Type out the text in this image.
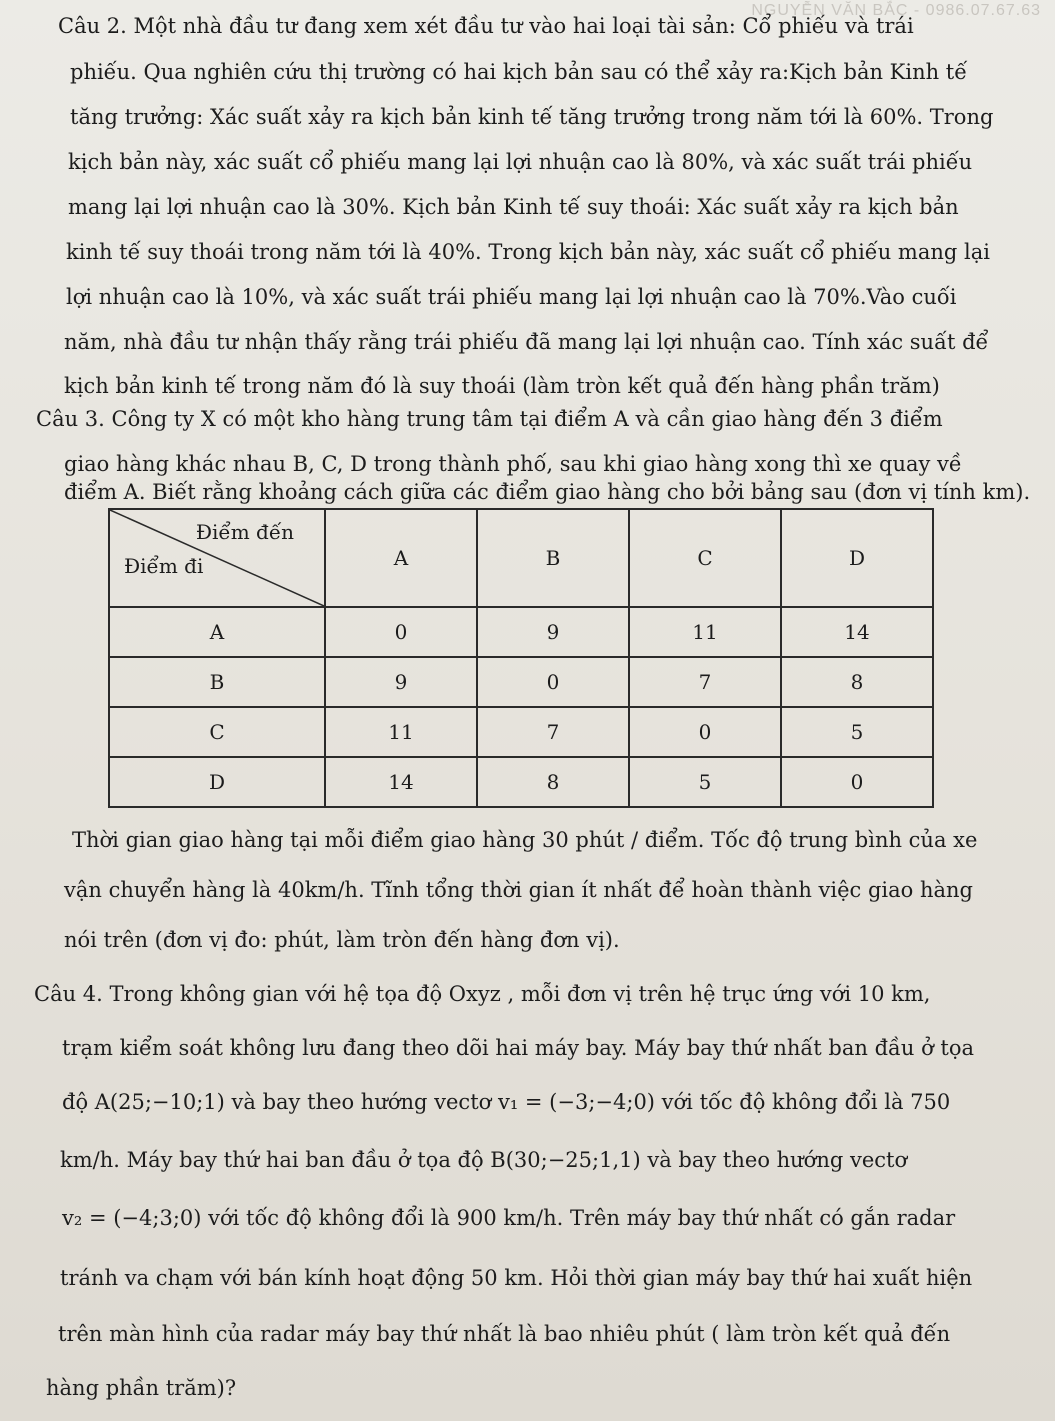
NGUYỄN VĂN BẮC - 0986.07.67.63
Câu 2. Một nhà đầu tư đang xem xét đầu tư vào hai loại tài sản: Cổ phiếu và trái
phiếu. Qua nghiên cứu thị trường có hai kịch bản sau có thể xảy ra:Kịch bản Kinh tế
tăng trưởng: Xác suất xảy ra kịch bản kinh tế tăng trưởng trong năm tới là 60%. Trong
kịch bản này, xác suất cổ phiếu mang lại lợi nhuận cao là 80%, và xác suất trái phiếu
mang lại lợi nhuận cao là 30%. Kịch bản Kinh tế suy thoái: Xác suất xảy ra kịch bản
kinh tế suy thoái trong năm tới là 40%. Trong kịch bản này, xác suất cổ phiếu mang lại
lợi nhuận cao là 10%, và xác suất trái phiếu mang lại lợi nhuận cao là 70%.Vào cuối
năm, nhà đầu tư nhận thấy rằng trái phiếu đã mang lại lợi nhuận cao. Tính xác suất để
kịch bản kinh tế trong năm đó là suy thoái (làm tròn kết quả đến hàng phần trăm)
Câu 3. Công ty X có một kho hàng trung tâm tại điểm A và cần giao hàng đến 3 điểm
giao hàng khác nhau B, C, D trong thành phố, sau khi giao hàng xong thì xe quay về
điểm A. Biết rằng khoảng cách giữa các điểm giao hàng cho bởi bảng sau (đơn vị tính km).
Điểm đến
Điểm đi	A	B	C	D
A	0	9	11	14
B	9	0	7	8
C	11	7	0	5
D	14	8	5	0
Thời gian giao hàng tại mỗi điểm giao hàng 30 phút / điểm. Tốc độ trung bình của xe
vận chuyển hàng là 40km/h. Tĩnh tổng thời gian ít nhất để hoàn thành việc giao hàng
nói trên (đơn vị đo: phút, làm tròn đến hàng đơn vị).
Câu 4. Trong không gian với hệ tọa độ Oxyz , mỗi đơn vị trên hệ trục ứng với 10 km,
trạm kiểm soát không lưu đang theo dõi hai máy bay. Máy bay thứ nhất ban đầu ở tọa
độ A(25;−10;1) và bay theo hướng vectơ v₁ = (−3;−4;0) với tốc độ không đổi là 750
km/h. Máy bay thứ hai ban đầu ở tọa độ B(30;−25;1,1) và bay theo hướng vectơ
v₂ = (−4;3;0) với tốc độ không đổi là 900 km/h. Trên máy bay thứ nhất có gắn radar
tránh va chạm với bán kính hoạt động 50 km. Hỏi thời gian máy bay thứ hai xuất hiện
trên màn hình của radar máy bay thứ nhất là bao nhiêu phút ( làm tròn kết quả đến
hàng phần trăm)?
